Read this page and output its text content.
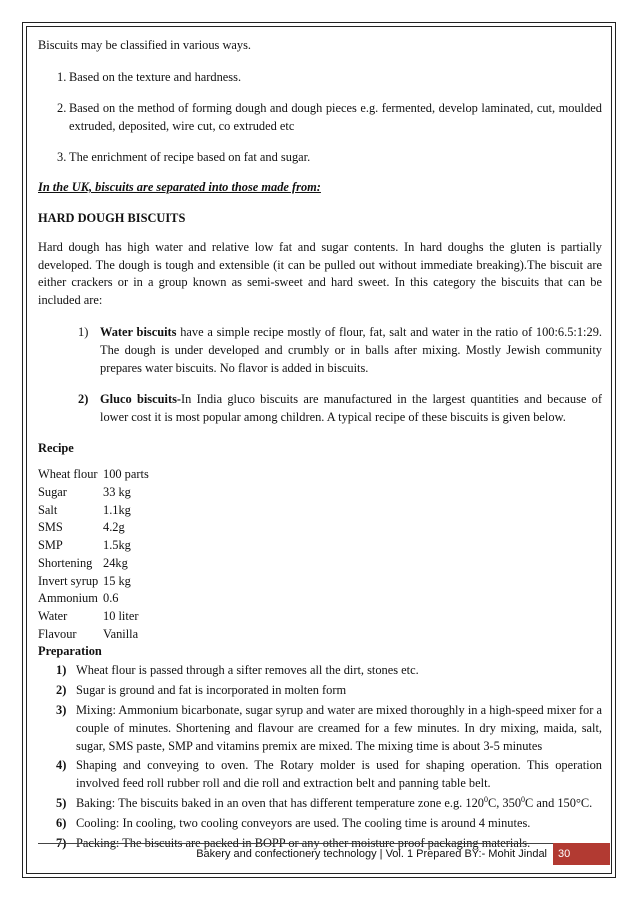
Biscuits may be classified in various ways.

1. Based on the texture and hardness.
2. Based on the method of forming dough and dough pieces e.g. fermented, develop laminated, cut, moulded extruded, deposited, wire cut, co extruded etc
3. The enrichment of recipe based on fat and sugar.

In the UK, biscuits are separated into those made from:

HARD DOUGH BISCUITS

Hard dough has high water and relative low fat and sugar contents. In hard doughs the gluten is partially developed. The dough is tough and extensible (it can be pulled out without immediate breaking).The biscuit are either crackers or in a group known as semi-sweet and hard sweet. In this category the biscuits that can be included are:

1) Water biscuits have a simple recipe mostly of flour, fat, salt and water in the ratio of 100:6.5:1:29. The dough is under developed and crumbly or in balls after mixing. Mostly Jewish community prepares water biscuits. No flavor is added in biscuits.
2) Gluco biscuits-In India gluco biscuits are manufactured in the largest quantities and because of lower cost it is most popular among children. A typical recipe of these biscuits is given below.

Recipe

Wheat flour	100 parts
Sugar	33 kg
Salt	1.1kg
SMS	4.2g
SMP	1.5kg
Shortening	24kg
Invert syrup	15 kg
Ammonium	0.6
Water	10 liter
Flavour	Vanilla

Preparation

1) Wheat flour is passed through a sifter removes all the dirt, stones etc.
2) Sugar is ground and fat is incorporated in molten form
3) Mixing: Ammonium bicarbonate, sugar syrup and water are mixed thoroughly in a high-speed mixer for a couple of minutes. Shortening and flavour are creamed for a few minutes. In dry mixing, maida, salt, sugar, SMS paste, SMP and vitamins premix are mixed. The mixing time is about 3-5 minutes
4) Shaping and conveying to oven. The Rotary molder is used for shaping operation. This operation involved feed roll rubber roll and die roll and extraction belt and panning table belt.
5) Baking: The biscuits baked in an oven that has different temperature zone e.g. $120^0C$, $350^0C$ and 150°C.
6) Cooling: In cooling, two cooling conveyors are used. The cooling time is around 4 minutes.
7) Packing: The biscuits are packed in BOPP or any other moisture proof packaging materials.
Bakery and confectionery technology | Vol. 1 Prepared BY:- Mohit Jindal	30
